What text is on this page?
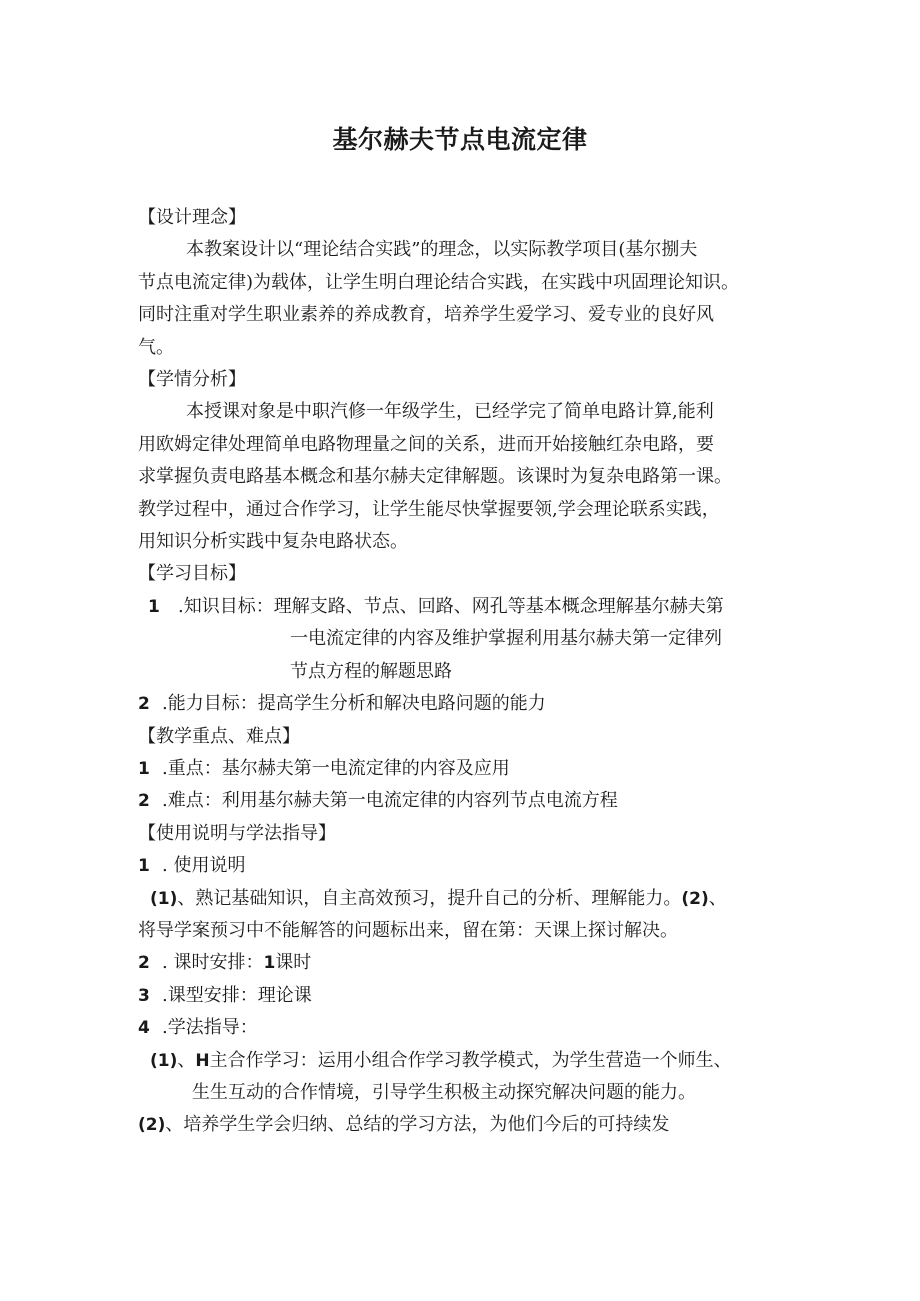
基尔赫夫节点电流定律

【设计理念】

本教案设计以“理论结合实践”的理念，以实际教学项目(基尔捌夫

节点电流定律)为载体，让学生明白理论结合实践，在实践中巩固理论知识。

同时注重对学生职业素养的养成教育，培养学生爱学习、爱专业的良好风

气。

【学情分析】

本授课对象是中职汽修一年级学生，已经学完了简单电路计算,能利

用欧姆定律处理简单电路物理量之间的关系，进而开始接触红杂电路，要

求掌握负责电路基本概念和基尔赫夫定律解题。该课时为复杂电路第一课。

教学过程中，通过合作学习，让学生能尽快掌握要领,学会理论联系实践，

用知识分析实践中复杂电路状态。

【学习目标】

1 .知识目标：理解支路、节点、回路、网孔等基本概念理解基尔赫夫第

一电流定律的内容及维护掌握利用基尔赫夫第一定律列

节点方程的解题思路

2 .能力目标：提高学生分析和解决电路问题的能力

【教学重点、难点】

1 .重点：基尔赫夫第一电流定律的内容及应用

2 .难点：利用基尔赫夫第一电流定律的内容列节点电流方程

【使用说明与学法指导】

1 . 使用说明

(1)、熟记基础知识，自主高效预习，提升自己的分析、理解能力。(2)、

将导学案预习中不能解答的问题标出来，留在第：天课上探讨解决。

2 . 课时安排：1课时

3 .课型安排：理论课

4 .学法指导：

(1)、H主合作学习：运用小组合作学习教学模式，为学生营造一个师生、

生生互动的合作情境，引导学生积极主动探究解决问题的能力。

(2)、培养学生学会归纳、总结的学习方法，为他们今后的可持续发
